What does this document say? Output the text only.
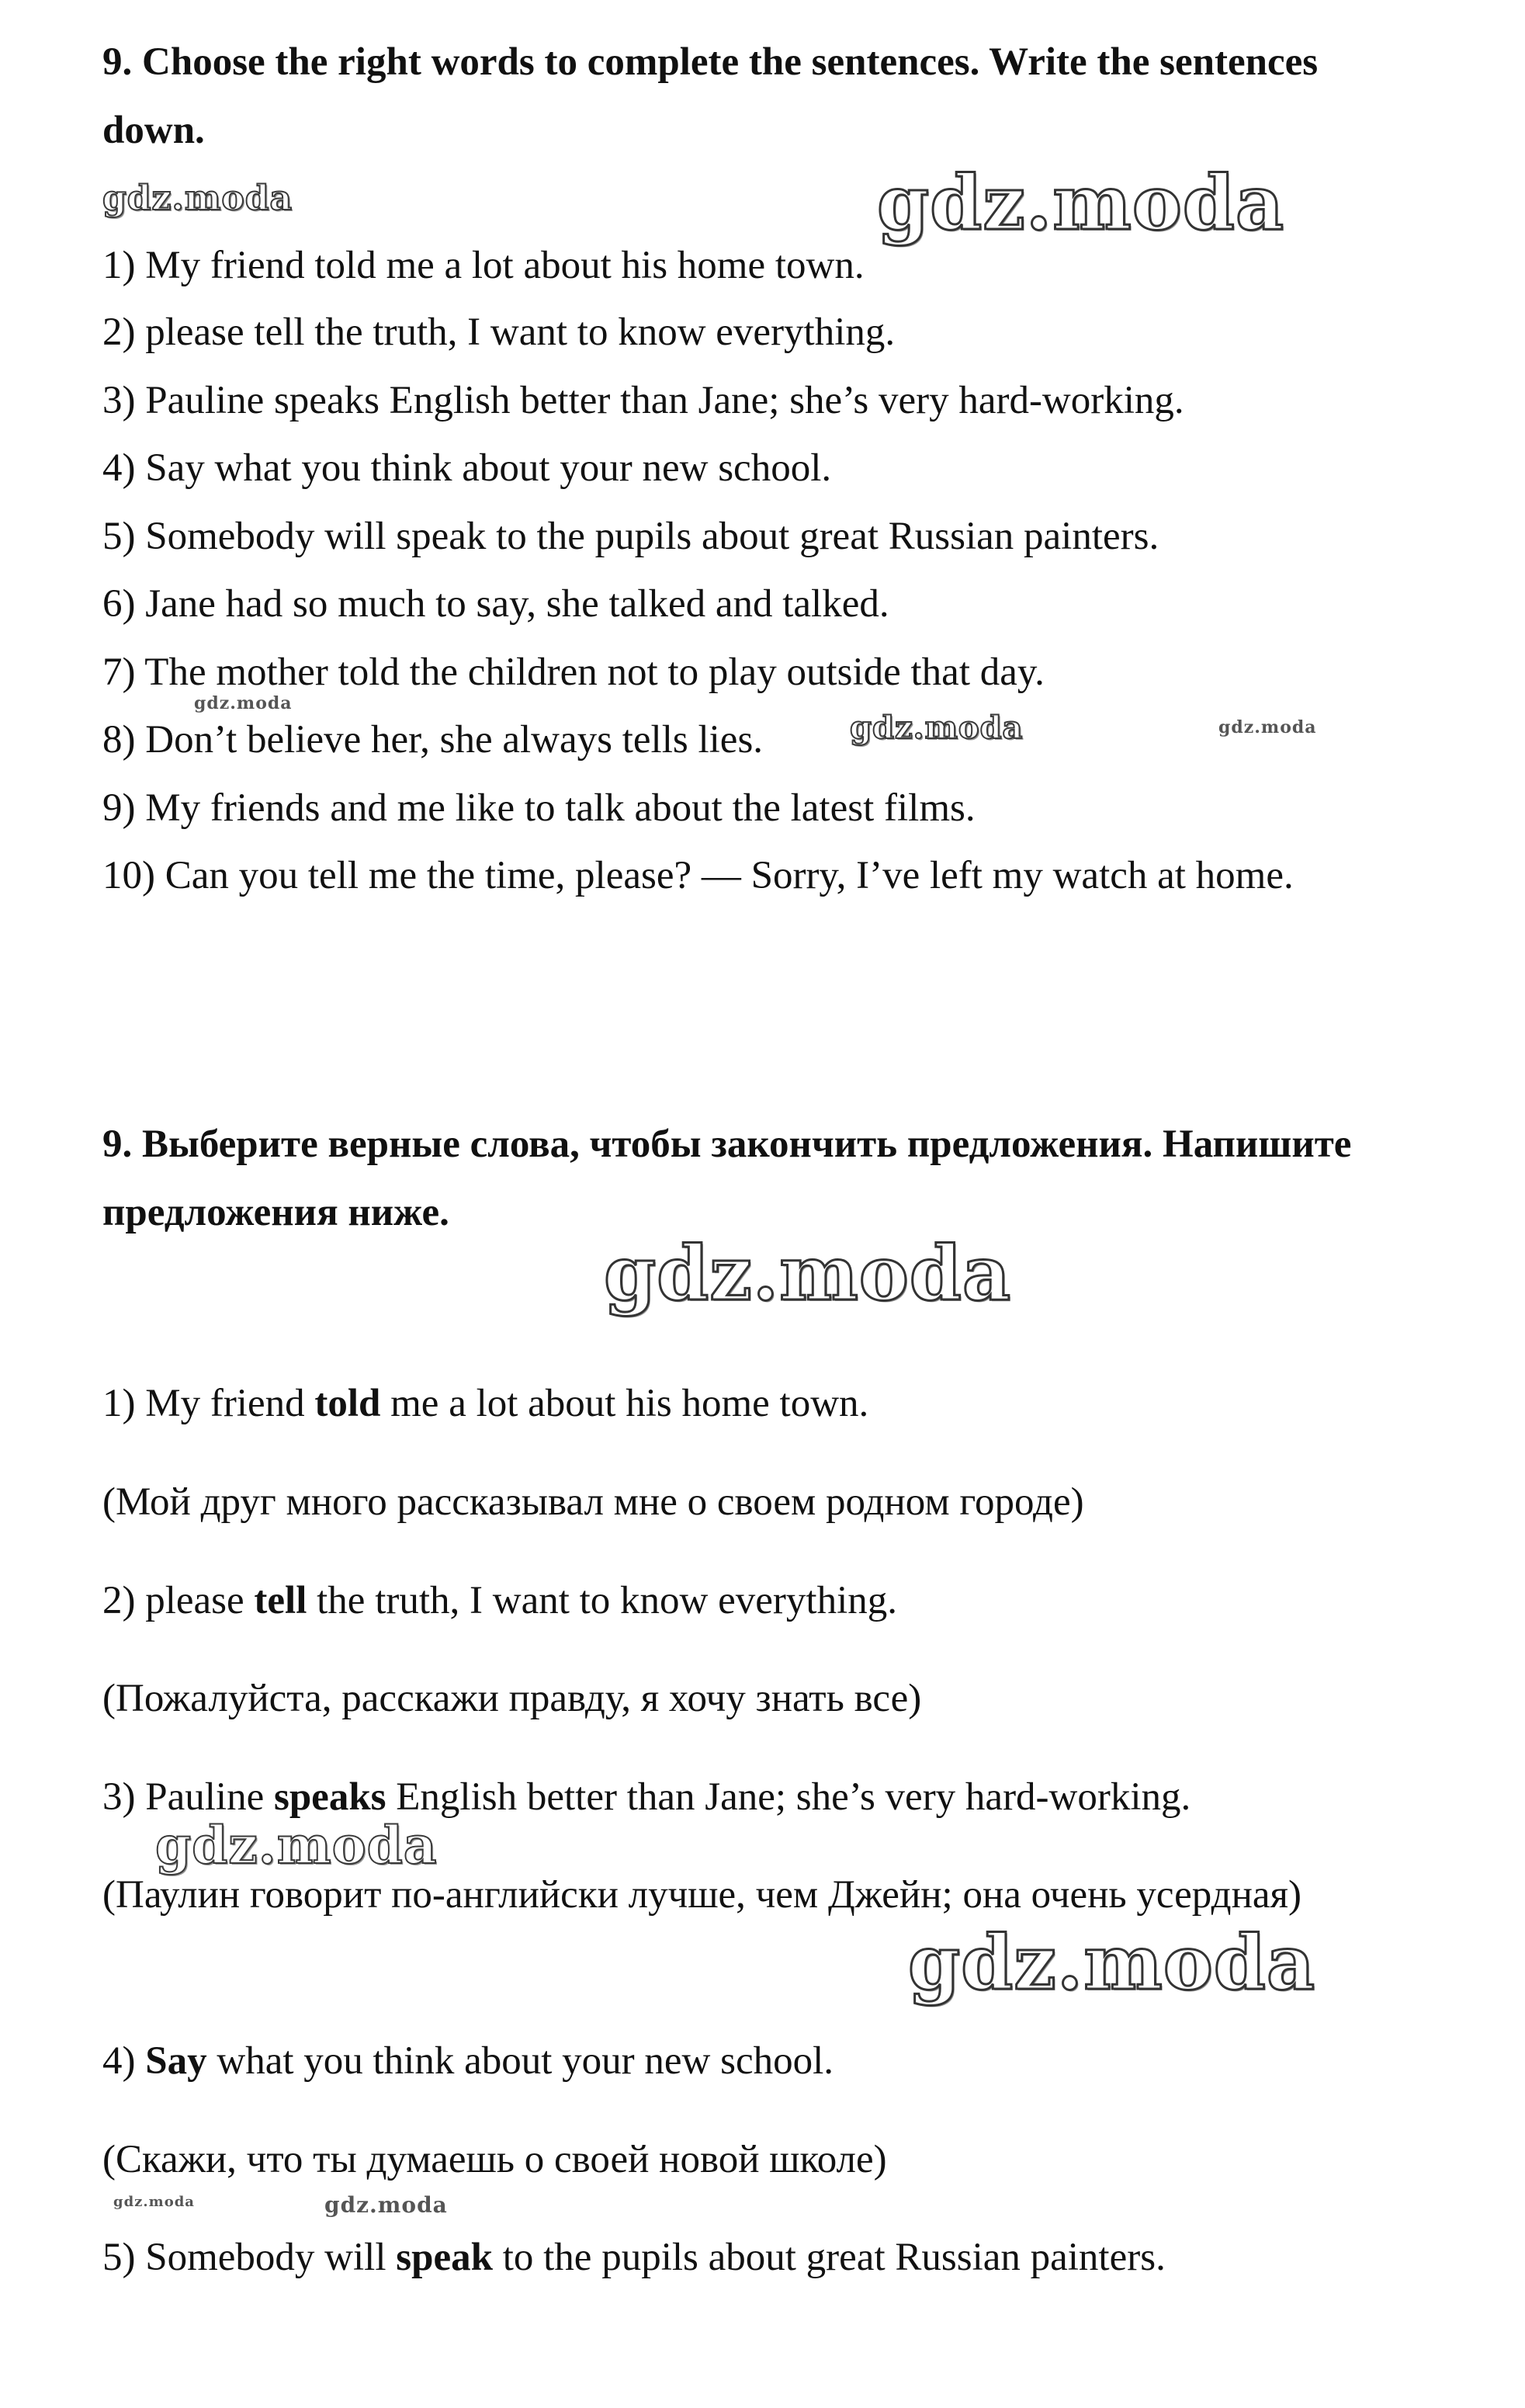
9. Choose the right words to complete the sentences. Write the sentences down.
1) My friend told me a lot about his home town.
2) please tell the truth, I want to know everything.
3) Pauline speaks English better than Jane; she’s very hard-working.
4) Say what you think about your new school.
5) Somebody will speak to the pupils about great Russian painters.
6) Jane had so much to say, she talked and talked.
7) The mother told the children not to play outside that day.
8) Don’t believe her, she always tells lies.
9) My friends and me like to talk about the latest films.
10) Can you tell me the time, please? — Sorry, I’ve left my watch at home.
9. Выберите верные слова, чтобы закончить предложения. Напишите предложения ниже.
1) My friend told me a lot about his home town.
(Мой друг много рассказывал мне о своем родном городе)
2) please tell the truth, I want to know everything.
(Пожалуйста, расскажи правду, я хочу знать все)
3) Pauline speaks English better than Jane; she’s very hard-working.
(Паулин говорит по-английски лучше, чем Джейн; она очень усердная)
4) Say what you think about your new school.
(Скажи, что ты думаешь о своей новой школе)
5) Somebody will speak to the pupils about great Russian painters.
gdz.moda	gdz.moda
gdz.moda
gdz.moda	gdz.moda
gdz.moda
gdz.moda
gdz.moda
gdz.moda	gdz.moda
